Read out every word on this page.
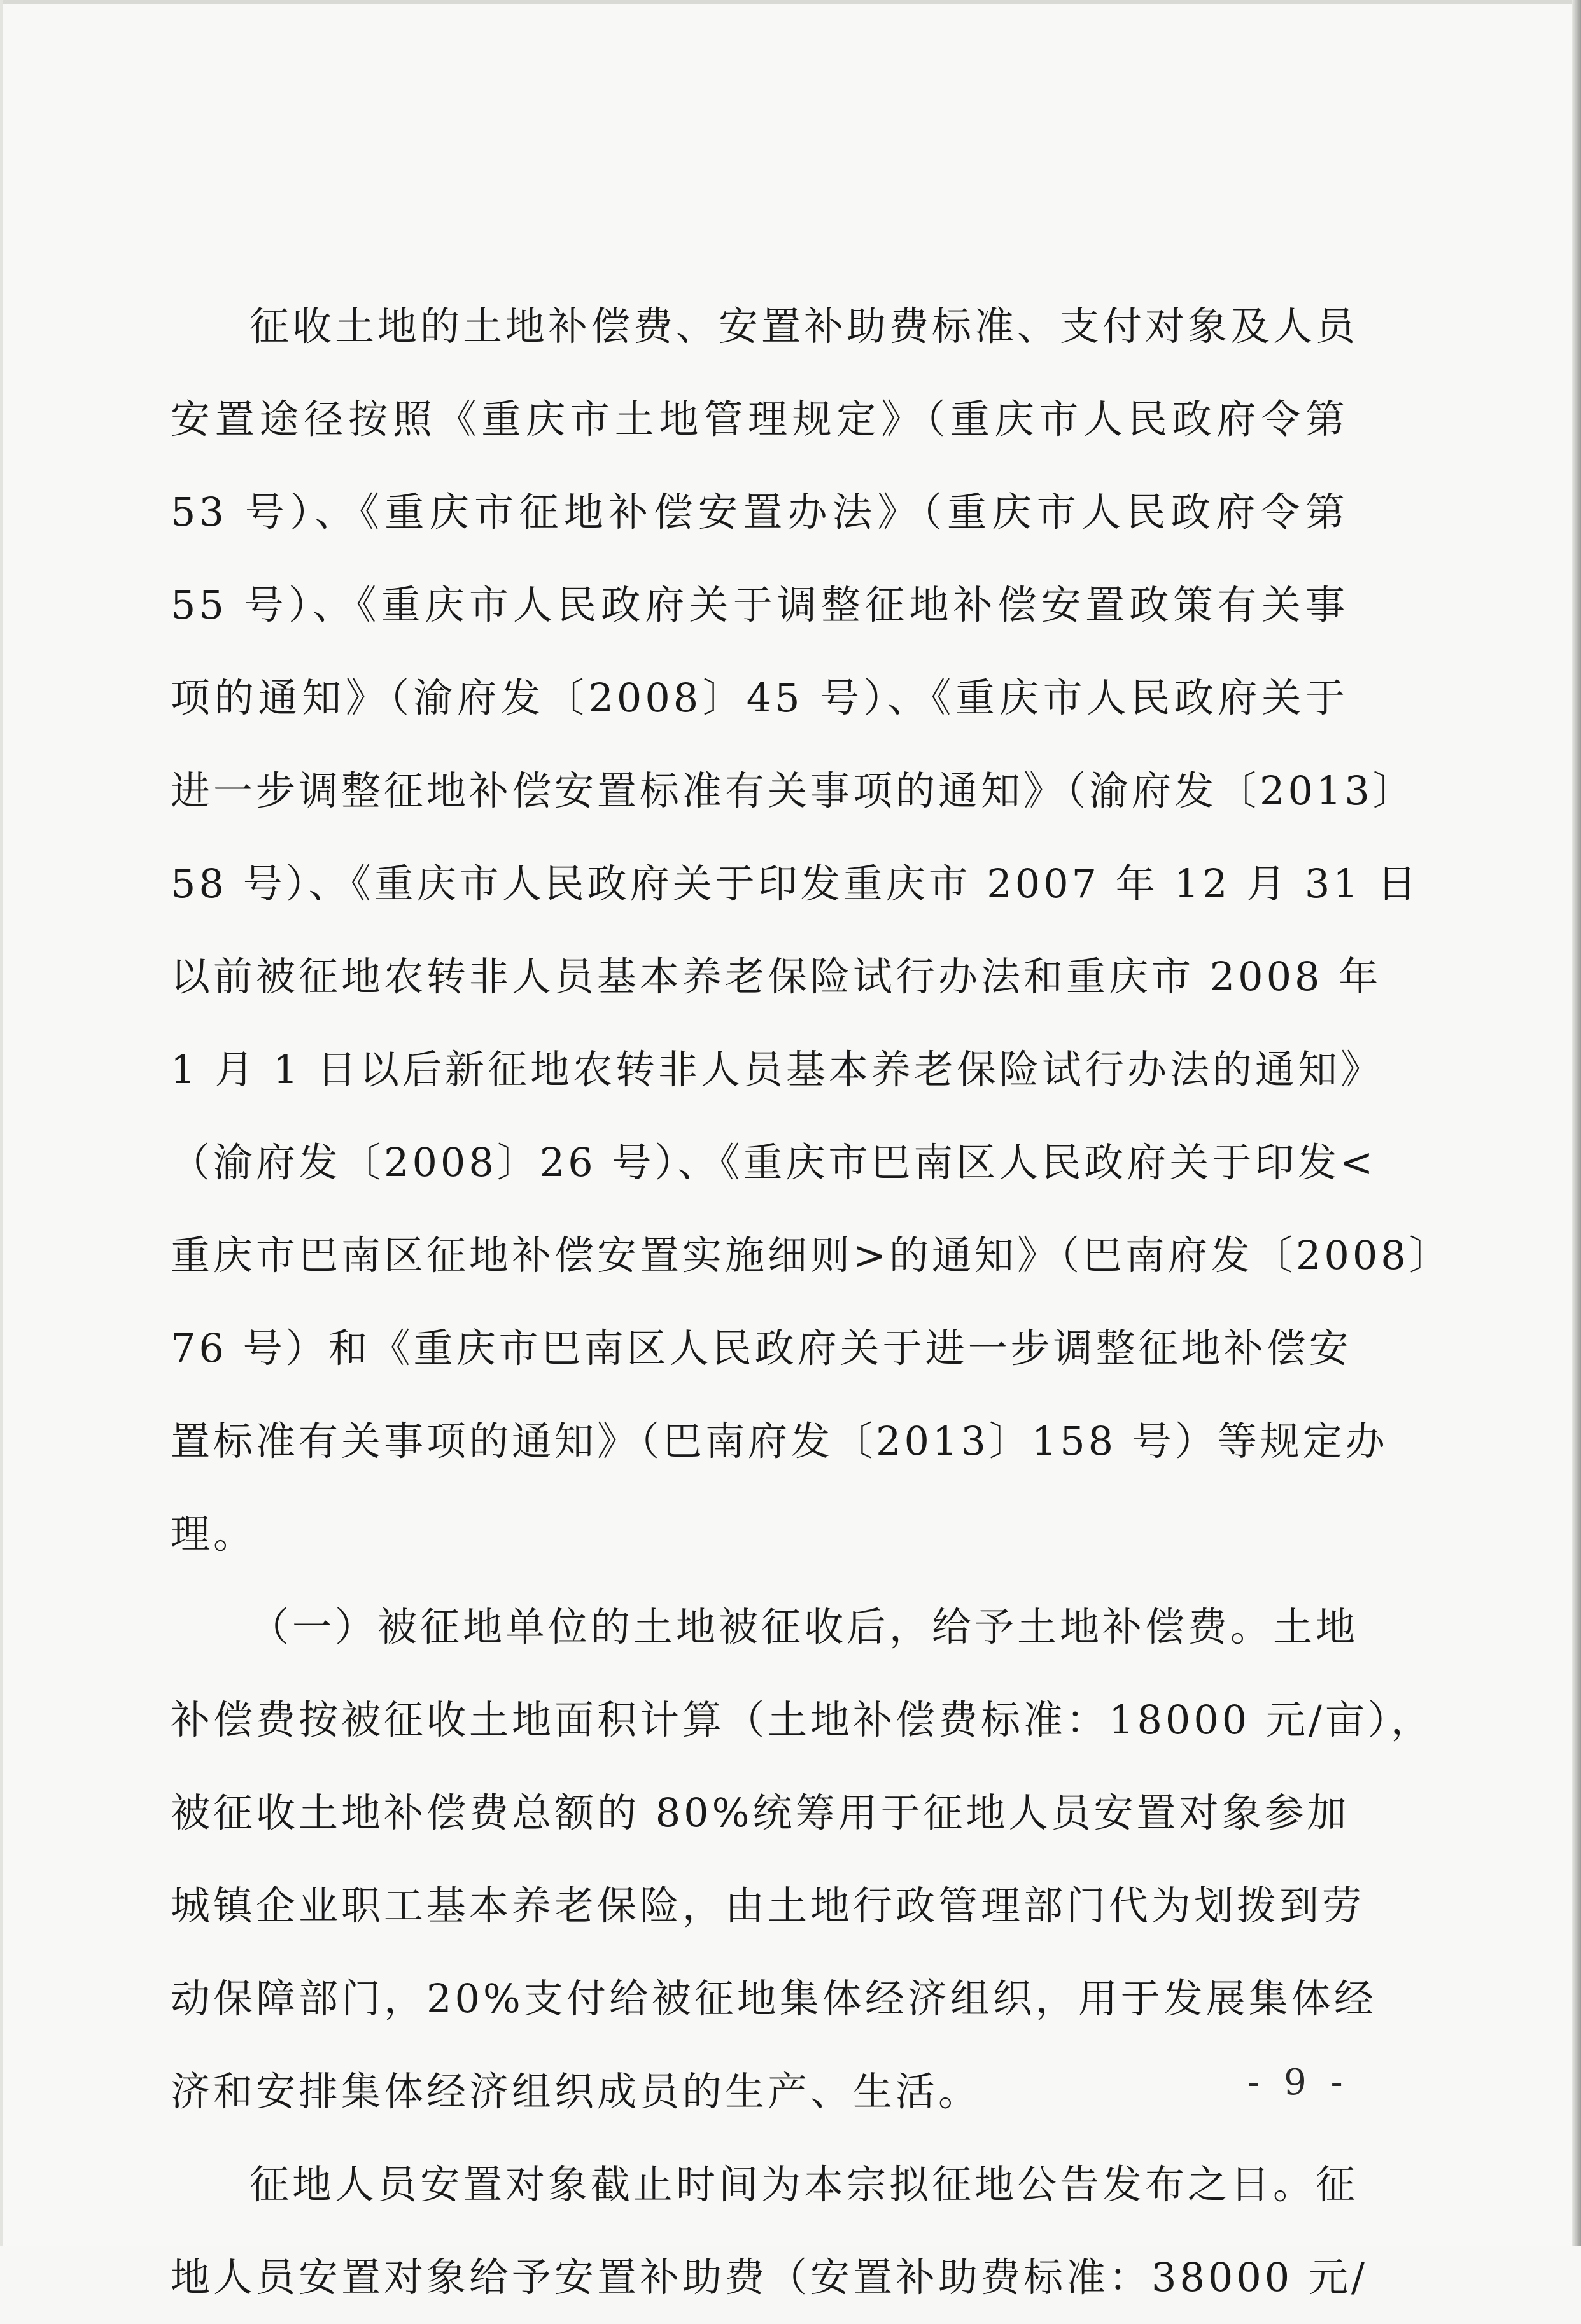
征收土地的土地补偿费、安置补助费标准、支付对象及人员
安置途径按照《重庆市土地管理规定》（重庆市人民政府令第
53 号）、《重庆市征地补偿安置办法》（重庆市人民政府令第
55 号）、《重庆市人民政府关于调整征地补偿安置政策有关事
项的通知》（渝府发〔2008〕45 号）、《重庆市人民政府关于
进一步调整征地补偿安置标准有关事项的通知》（渝府发〔2013〕
58 号）、《重庆市人民政府关于印发重庆市 2007 年 12 月 31 日
以前被征地农转非人员基本养老保险试行办法和重庆市 2008 年
1 月 1 日以后新征地农转非人员基本养老保险试行办法的通知》
（渝府发〔2008〕26 号）、《重庆市巴南区人民政府关于印发<
重庆市巴南区征地补偿安置实施细则>的通知》（巴南府发〔2008〕
76 号）和《重庆市巴南区人民政府关于进一步调整征地补偿安
置标准有关事项的通知》（巴南府发〔2013〕158 号）等规定办
理。
（一）被征地单位的土地被征收后，给予土地补偿费。土地
补偿费按被征收土地面积计算（土地补偿费标准：18000 元/亩），
被征收土地补偿费总额的 80%统筹用于征地人员安置对象参加
城镇企业职工基本养老保险，由土地行政管理部门代为划拨到劳
动保障部门，20%支付给被征地集体经济组织，用于发展集体经
济和安排集体经济组织成员的生产、生活。
征地人员安置对象截止时间为本宗拟征地公告发布之日。征
地人员安置对象给予安置补助费（安置补助费标准：38000 元/
- 9 -
